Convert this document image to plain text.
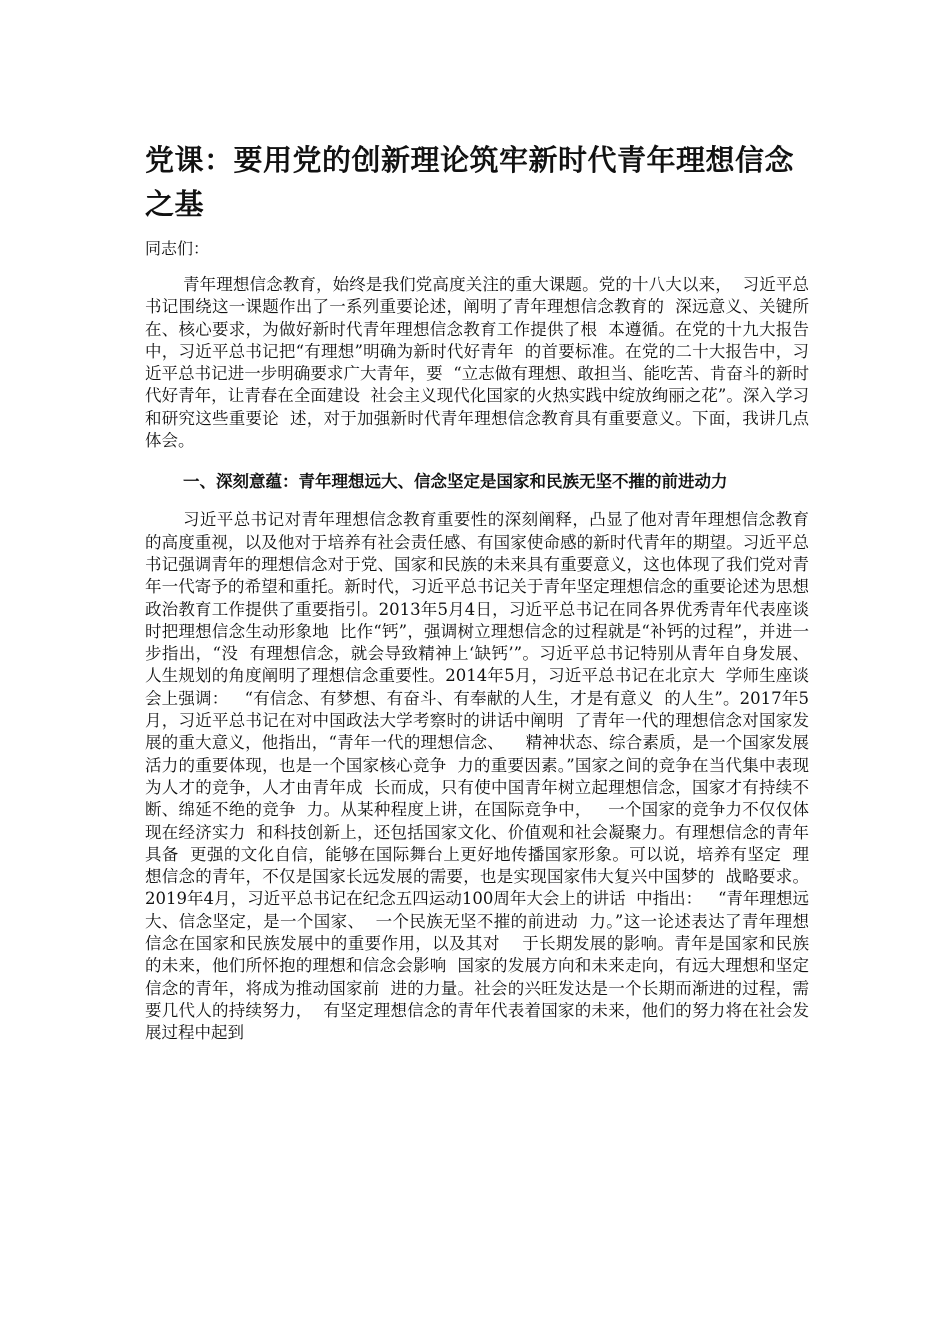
党课：要用党的创新理论筑牢新时代青年理想信念之基

同志们：

青年理想信念教育，始终是我们党高度关注的重大课题。党的十八大以来，  习近平总书记围绕这一课题作出了一系列重要论述，阐明了青年理想信念教育的  深远意义、关键所在、核心要求，为做好新时代青年理想信念教育工作提供了根  本遵循。在党的十九大报告中，习近平总书记把“有理想”明确为新时代好青年  的首要标准。在党的二十大报告中，习近平总书记进一步明确要求广大青年，要  “立志做有理想、敢担当、能吃苦、肯奋斗的新时代好青年，让青春在全面建设  社会主义现代化国家的火热实践中绽放绚丽之花”。深入学习和研究这些重要论  述，对于加强新时代青年理想信念教育具有重要意义。下面，我讲几点体会。

一、深刻意蕴：青年理想远大、信念坚定是国家和民族无坚不摧的前进动力

习近平总书记对青年理想信念教育重要性的深刻阐释，凸显了他对青年理想信念教育的高度重视，以及他对于培养有社会责任感、有国家使命感的新时代青年的期望。习近平总书记强调青年的理想信念对于党、国家和民族的未来具有重要意义，这也体现了我们党对青年一代寄予的希望和重托。新时代，习近平总书记关于青年坚定理想信念的重要论述为思想政治教育工作提供了重要指引。2013年5月4日，习近平总书记在同各界优秀青年代表座谈时把理想信念生动形象地  比作“钙”，强调树立理想信念的过程就是“补钙的过程”，并进一步指出，“没  有理想信念，就会导致精神上‘缺钙’”。习近平总书记特别从青年自身发展、  人生规划的角度阐明了理想信念重要性。2014年5月，习近平总书记在北京大  学师生座谈会上强调：   “有信念、有梦想、有奋斗、有奉献的人生，才是有意义  的人生”。2017年5月，习近平总书记在对中国政法大学考察时的讲话中阐明  了青年一代的理想信念对国家发展的重大意义，他指出，“青年一代的理想信念、    精神状态、综合素质，是一个国家发展活力的重要体现，也是一个国家核心竞争  力的重要因素。”国家之间的竞争在当代集中表现为人才的竞争，人才由青年成  长而成，只有使中国青年树立起理想信念，国家才有持续不断、绵延不绝的竞争  力。从某种程度上讲，在国际竞争中，   一个国家的竞争力不仅仅体现在经济实力  和科技创新上，还包括国家文化、价值观和社会凝聚力。有理想信念的青年具备  更强的文化自信，能够在国际舞台上更好地传播国家形象。可以说，培养有坚定  理想信念的青年，不仅是国家长远发展的需要，也是实现国家伟大复兴中国梦的  战略要求。2019年4月，习近平总书记在纪念五四运动100周年大会上的讲话  中指出：   “青年理想远大、信念坚定，是一个国家、  一个民族无坚不摧的前进动  力。”这一论述表达了青年理想信念在国家和民族发展中的重要作用，以及其对    于长期发展的影响。青年是国家和民族的未来，他们所怀抱的理想和信念会影响  国家的发展方向和未来走向，有远大理想和坚定信念的青年，将成为推动国家前  进的力量。社会的兴旺发达是一个长期而渐进的过程，需要几代人的持续努力，  有坚定理想信念的青年代表着国家的未来，他们的努力将在社会发展过程中起到
